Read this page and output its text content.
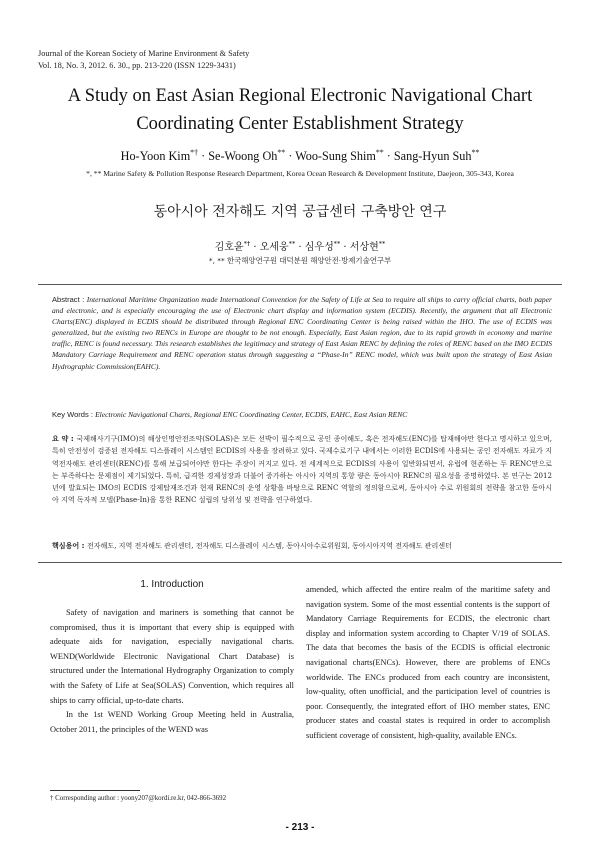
Journal of the Korean Society of Marine Environment & Safety
Vol. 18, No. 3, 2012. 6. 30., pp. 213-220 (ISSN 1229-3431)
A Study on East Asian Regional Electronic Navigational Chart
Coordinating Center Establishment Strategy
Ho-Yoon Kim*† · Se-Woong Oh** · Woo-Sung Shim** · Sang-Hyun Suh**
*, ** Marine Safety & Pollution Response Research Department, Korea Ocean Research & Development Institute, Daejeon, 305-343, Korea
동아시아 전자해도 지역 공급센터 구축방안 연구
김호윤*† · 오세웅** · 심우성** · 서상현**
*, ** 한국해양연구원 대덕분원 해양안전·방제기술연구부
Abstract : International Maritime Organization made International Convention for the Safety of Life at Sea to require all ships to carry official charts, both paper and electronic, and is especially encouraging the use of Electronic chart display and information system (ECDIS). Recently, the argument that all Electronic Charts(ENC) displayed in ECDIS should be distributed through Regional ENC Coordinating Center is being raised within the IHO. The use of ECDIS was generalized, but the existing two RENCs in Europe are thought to be not enough. Especially, East Asian region, due to its rapid growth in economy and marine traffic, RENC is found necessary. This research establishes the legitimacy and strategy of East Asian RENC by defining the roles of RENC based on the IMO ECDIS Mandatory Carriage Requirement and RENC operation status through suggesting a “Phase-In” RENC model, which was built upon the strategy of East Asian Hydrographic Commission(EAHC).
Key Words : Electronic Navigational Charts, Regional ENC Coordinating Center, ECDIS, EAHC, East Asian RENC
요 약 : 국제해사기구(IMO)의 해상인명안전조약(SOLAS)은 모든 선박이 필수적으로 공인 종이해도, 혹은 전자해도(ENC)를 탑재해야만 한다고 명시하고 있으며, 특히 안전성이 검증된 전자해도 디스플레이 시스템인 ECDIS의 사용을 장려하고 있다. 국제수로기구 내에서는 이러한 ECDIS에 사용되는 공인 전자해도 자료가 지역전자해도 관리센터(RENC)를 통해 보급되어야만 한다는 주장이 커지고 있다. 전 세계적으로 ECDIS의 사용이 일반화되면서, 유럽에 현존하는 두 RENC만으로는 부족하다는 문제점이 제기되었다. 특히, 급격한 경제성장과 더불어 증가하는 아시아 지역의 통항 량은 동아시아 RENC의 필요성을 증명하였다. 본 연구는 2012년에 발효되는 IMO의 ECDIS 강제탑재조건과 현재 RENC의 운영 상황을 바탕으로 RENC 역할의 정의함으로써, 동아시아 수로 위원회의 전략을 참고한 동아시아 지역 독자적 모델(Phase-In)을 통한 RENC 설립의 당위성 및 전략을 연구하였다.
핵심용어 : 전자해도, 지역 전자해도 관리센터, 전자해도 디스플레이 시스템, 동아시아수로위원회, 동아시아지역 전자해도 관리센터
1. Introduction

Safety of navigation and mariners is something that cannot be compromised, thus it is important that every ship is equipped with adequate aids for navigation, especially navigational charts. WEND(Worldwide Electronic Navigational Chart Database) is structured under the International Hydrography Organization to comply with the Safety of Life at Sea(SOLAS) Convention, which requires all ships to carry official, up-to-date charts.

In the 1st WEND Working Group Meeting held in Australia, October 2011, the principles of the WEND was

amended, which affected the entire realm of the maritime safety and navigation system. Some of the most essential contents is the support of Mandatory Carriage Requirements for ECDIS, the electronic chart display and information system according to Chapter V/19 of SOLAS. The data that becomes the basis of the ECDIS is official electronic navigational charts(ENCs). However, there are problems of ENCs worldwide. The ENCs produced from each country are inconsistent, low-quality, often unofficial, and the participation level of countries is poor. Consequently, the integrated effort of IHO member states, ENC producer states and coastal states is required in order to accomplish sufficient coverage of consistent, high-quality, available ENCs.

† Corresponding author : yoony207@kordi.re.kr, 042-866-3692
- 213 -
